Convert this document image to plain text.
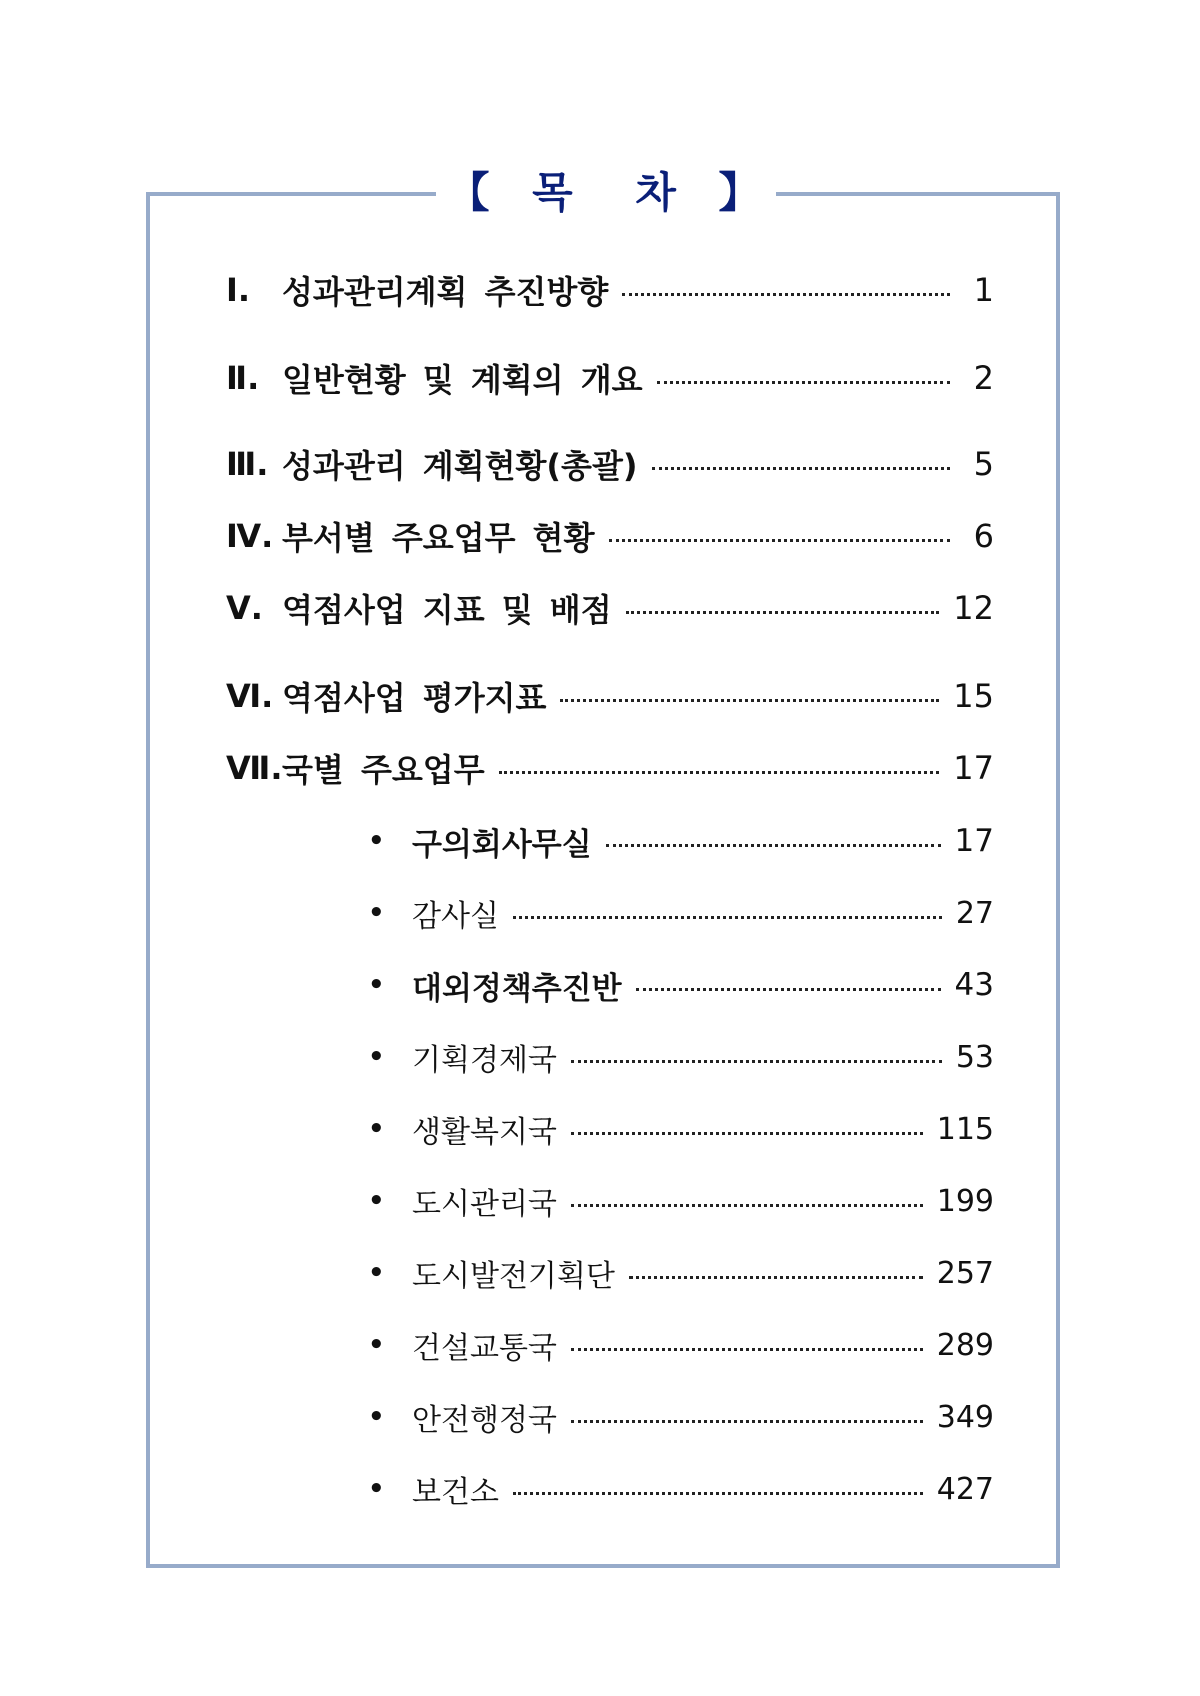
【 목 차 】
Ⅰ. 성과관리계획 추진방향	1
Ⅱ. 일반현황 및 계획의 개요	2
Ⅲ. 성과관리 계획현황(총괄)	5
Ⅳ. 부서별 주요업무 현황	6
Ⅴ. 역점사업 지표 및 배점	12
Ⅵ. 역점사업 평가지표	15
Ⅶ. 국별 주요업무	17
• 구의회사무실	17
• 감사실	27
• 대외정책추진반	43
• 기획경제국	53
• 생활복지국	115
• 도시관리국	199
• 도시발전기획단	257
• 건설교통국	289
• 안전행정국	349
• 보건소	427
